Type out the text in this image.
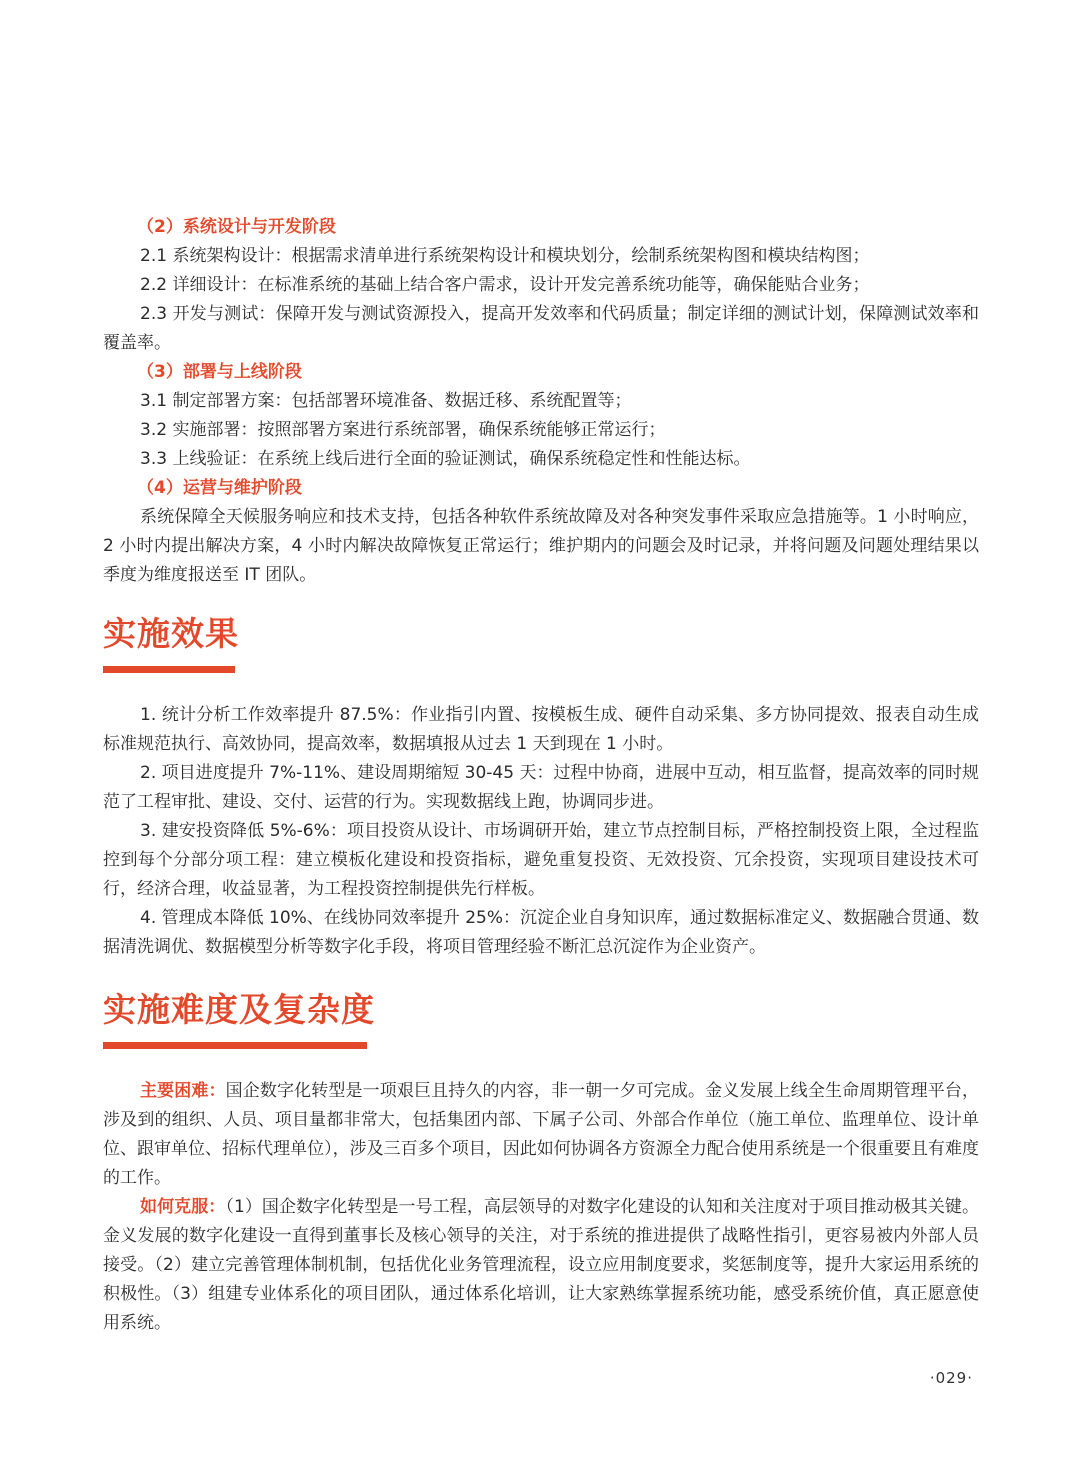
（2）系统设计与开发阶段

2.1 系统架构设计：根据需求清单进行系统架构设计和模块划分，绘制系统架构图和模块结构图；

2.2 详细设计：在标准系统的基础上结合客户需求，设计开发完善系统功能等，确保能贴合业务；

2.3 开发与测试：保障开发与测试资源投入，提高开发效率和代码质量；制定详细的测试计划，保障测试效率和覆盖率。

（3）部署与上线阶段

3.1 制定部署方案：包括部署环境准备、数据迁移、系统配置等；

3.2 实施部署：按照部署方案进行系统部署，确保系统能够正常运行；

3.3 上线验证：在系统上线后进行全面的验证测试，确保系统稳定性和性能达标。

（4）运营与维护阶段

系统保障全天候服务响应和技术支持，包括各种软件系统故障及对各种突发事件采取应急措施等。1 小时响应，2 小时内提出解决方案，4 小时内解决故障恢复正常运行；维护期内的问题会及时记录，并将问题及问题处理结果以季度为维度报送至 IT 团队。

实施效果

1. 统计分析工作效率提升 87.5%：作业指引内置、按模板生成、硬件自动采集、多方协同提效、报表自动生成标准规范执行、高效协同，提高效率，数据填报从过去 1 天到现在 1 小时。

2. 项目进度提升 7%-11%、建设周期缩短 30-45 天：过程中协商，进展中互动，相互监督，提高效率的同时规范了工程审批、建设、交付、运营的行为。实现数据线上跑，协调同步进。

3. 建安投资降低 5%-6%：项目投资从设计、市场调研开始，建立节点控制目标，严格控制投资上限，全过程监控到每个分部分项工程：建立模板化建设和投资指标，避免重复投资、无效投资、冗余投资，实现项目建设技术可行，经济合理，收益显著，为工程投资控制提供先行样板。

4. 管理成本降低 10%、在线协同效率提升 25%：沉淀企业自身知识库，通过数据标准定义、数据融合贯通、数据清洗调优、数据模型分析等数字化手段，将项目管理经验不断汇总沉淀作为企业资产。

实施难度及复杂度

主要困难：国企数字化转型是一项艰巨且持久的内容，非一朝一夕可完成。金义发展上线全生命周期管理平台，涉及到的组织、人员、项目量都非常大，包括集团内部、下属子公司、外部合作单位（施工单位、监理单位、设计单位、跟审单位、招标代理单位），涉及三百多个项目，因此如何协调各方资源全力配合使用系统是一个很重要且有难度的工作。

如何克服：（1）国企数字化转型是一号工程，高层领导的对数字化建设的认知和关注度对于项目推动极其关键。金义发展的数字化建设一直得到董事长及核心领导的关注，对于系统的推进提供了战略性指引，更容易被内外部人员接受。（2）建立完善管理体制机制，包括优化业务管理流程，设立应用制度要求，奖惩制度等，提升大家运用系统的积极性。（3）组建专业体系化的项目团队，通过体系化培训，让大家熟练掌握系统功能，感受系统价值，真正愿意使用系统。

·029·
